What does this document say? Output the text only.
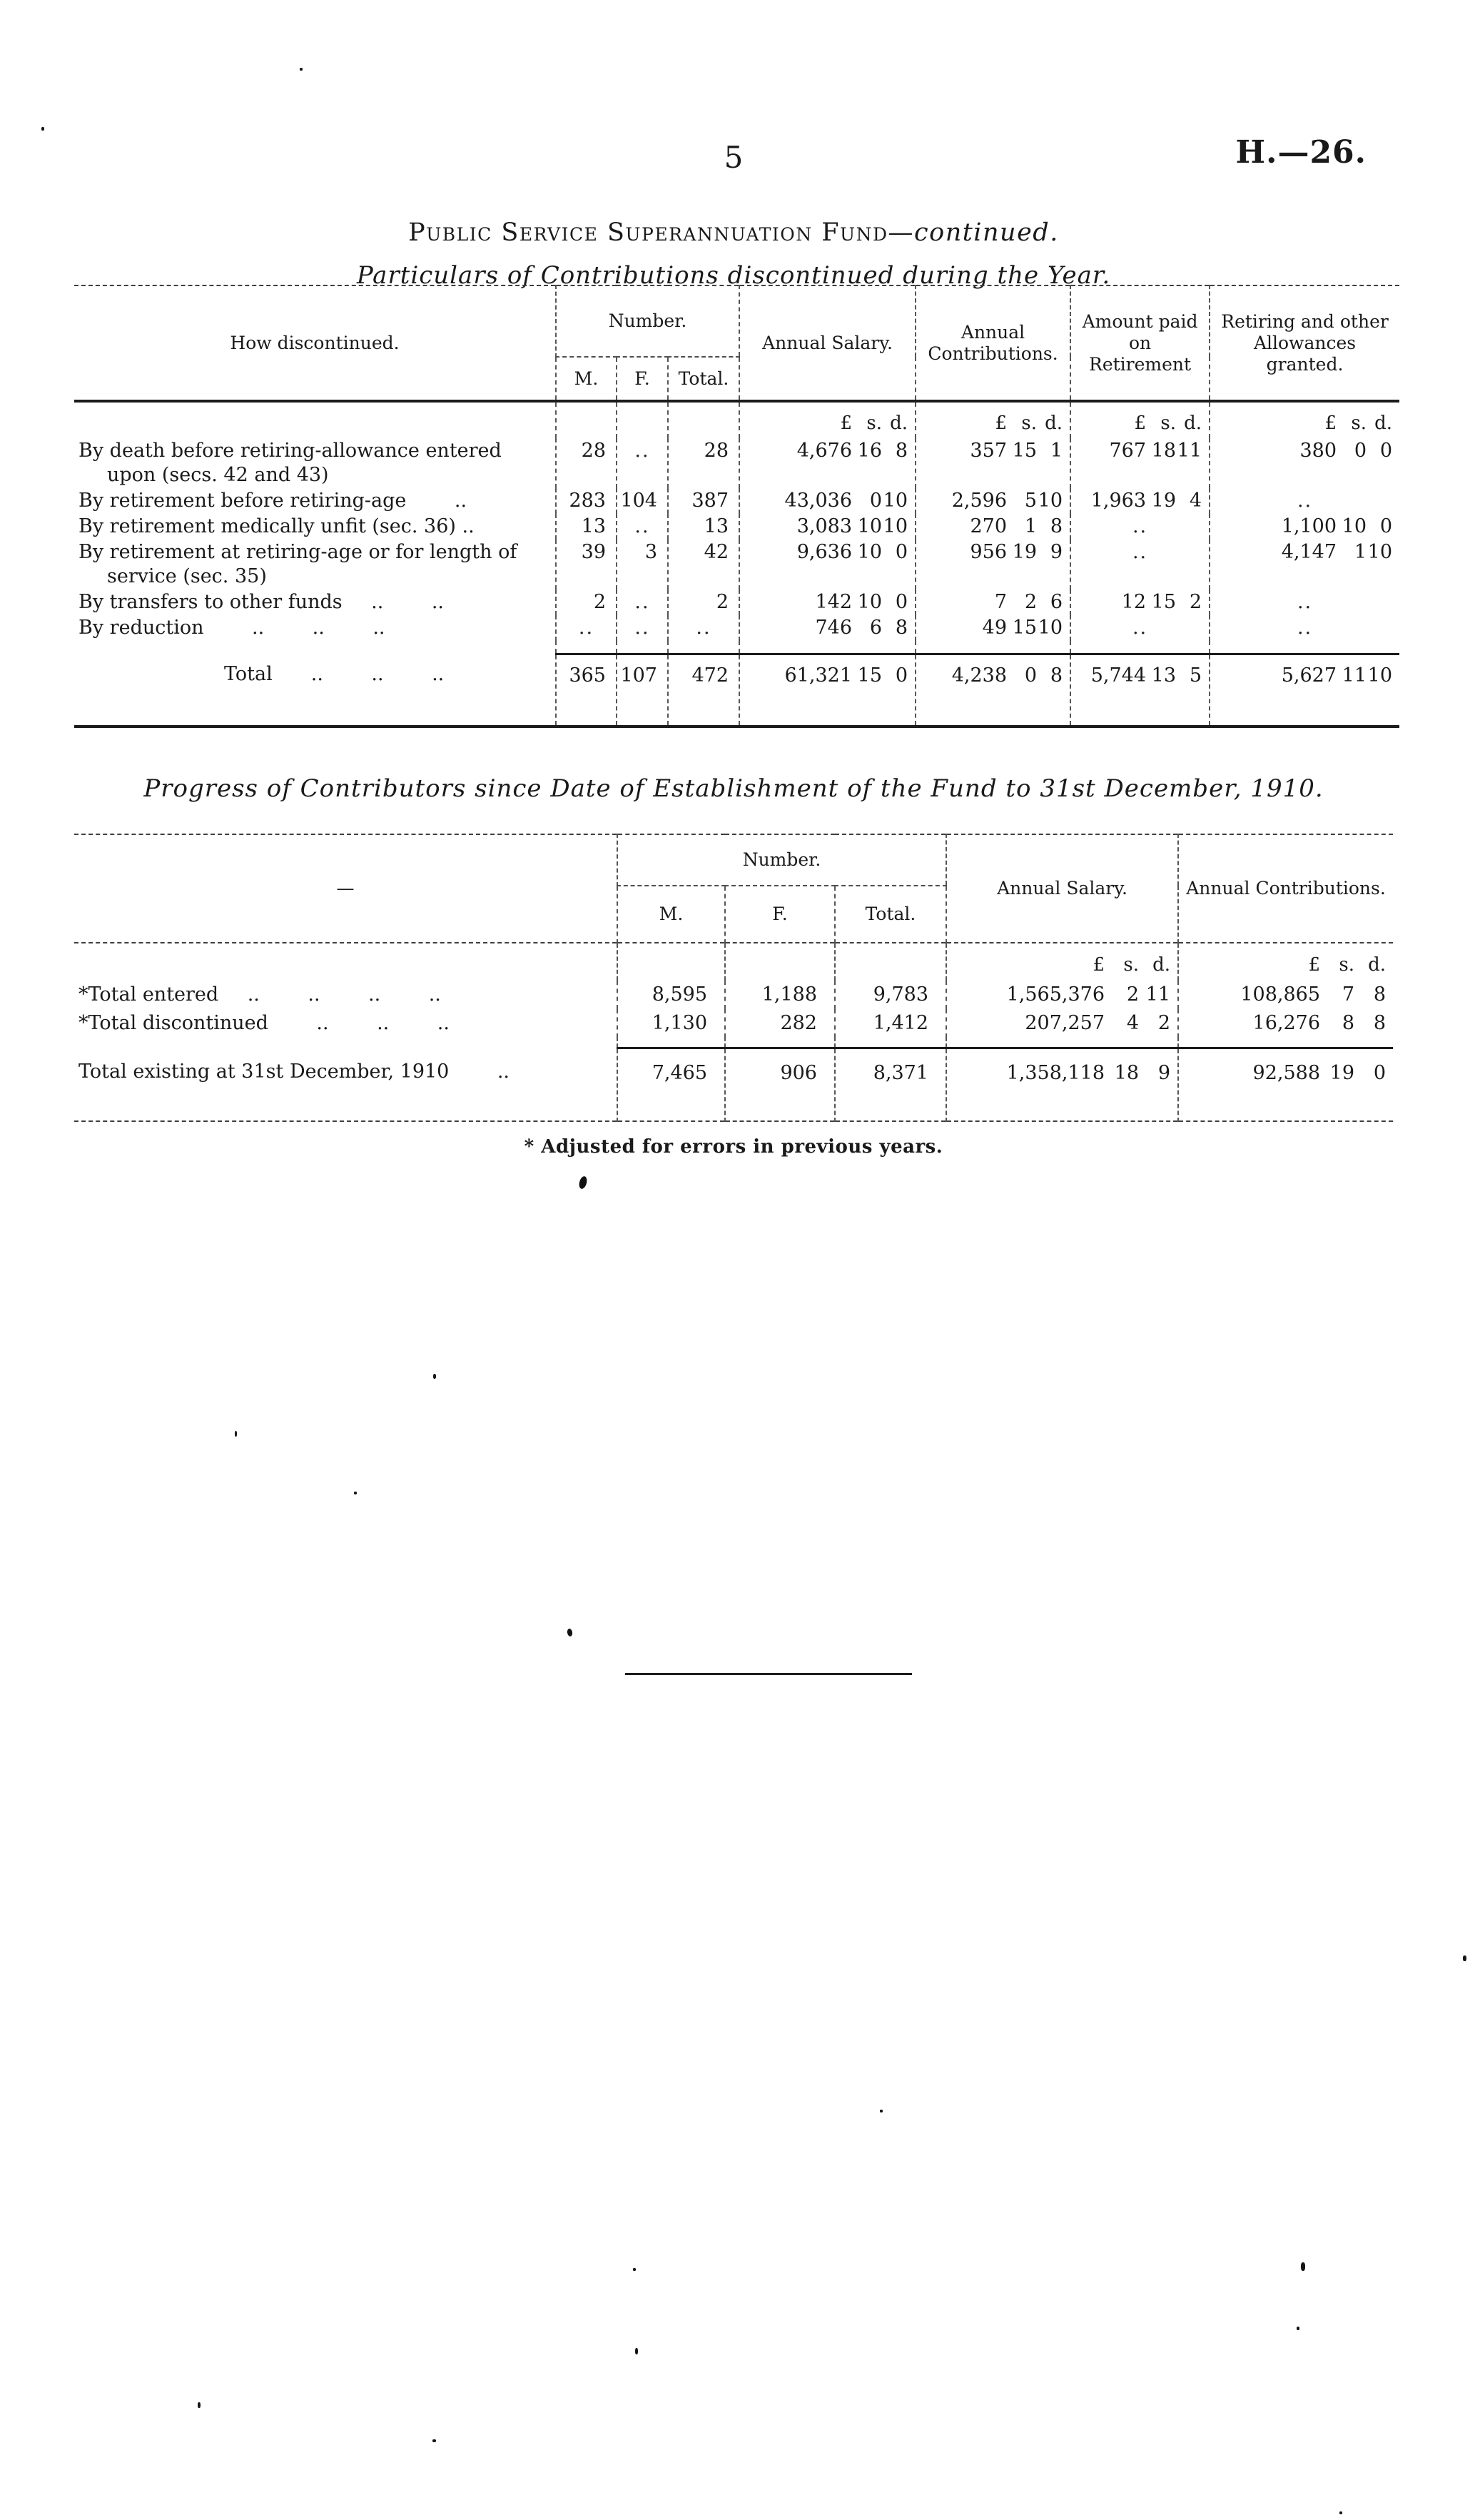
5	H.—26.
Public Service Superannuation Fund—continued.
Particulars of Contributions discontinued during the Year.
How discontinued.	Number.			Annual Salary.	Annual Contributions.	Amount paid on Retirement	Retiring and other Allowances granted.
	M.	F.	Total.				

				£ s. d.	£ s. d.	£ s. d.	£ s. d.

By death before retiring-allowance entered upon (secs. 42 and 43)	28	..	28	4,676 16 8	357 15 1	767 18 11	380 0 0

By retirement before retiring-age   ..	283	104	387	43,036 0 10	2,596 5 10	1,963 19 4	..
By retirement medically unfit (sec. 36) ..	13	..	13	3,083 10 10	270 1 8	..	1,100 10 0

By retirement at retiring-age or for length of service (sec. 35)	39	3	42	9,636 10 0	956 19 9	..	4,147 1 10

By transfers to other funds  ..   ..	2	..	2	142 10 0	7 2 6	12 15 2	..
By reduction   ..   ..   ..	..	..	..	746 6 8	49 15 10	..	..

Total  ..   ..   ..	365	107	472	61,321 15 0	4,238 0 8	5,744 13 5	5,627 11 10
Progress of Contributors since Date of Establishment of the Fund to 31st December, 1910.
—	Number.			Annual Salary.	Annual Contributions.
	M.	F.	Total.		

				£ s. d.	£ s. d.

*Total entered  ..   ..   ..   ..	8,595	1,188	9,783	1,565,376 2 11	108,865 7 8

*Total discontinued   ..   ..   ..	1,130	282	1,412	207,257 4 2	16,276 8 8

Total existing at 31st December, 1910   ..	7,465	906	8,371	1,358,118 18 9	92,588 19 0
* Adjusted for errors in previous years.
